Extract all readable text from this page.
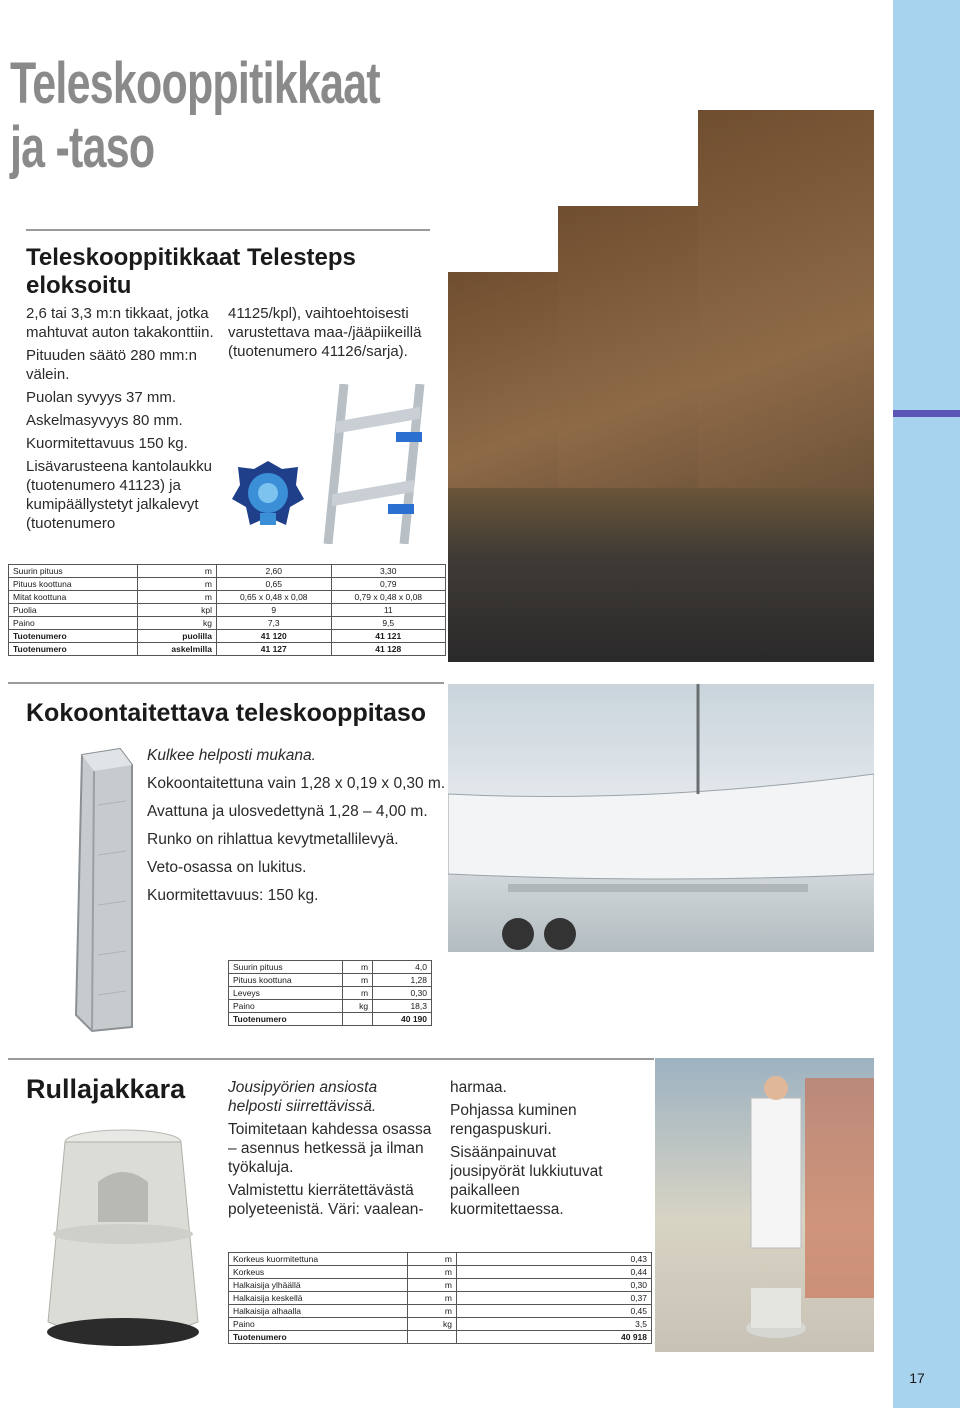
Teleskooppitikkaat
ja -taso
Teleskooppitikkaat Telesteps eloksoitu

2,6 tai 3,3 m:n tikkaat, jotka mahtuvat auton takakonttiin.

Pituuden säätö 280 mm:n välein.

Puolan syvyys 37 mm.

Askelmasyvyys 80 mm.

Kuormitettavuus 150 kg.

Lisävarusteena kantolaukku (tuotenumero 41123) ja kumipäällystetyt jalkalevyt (tuotenumero

41125/kpl), vaihtoehtoisesti varustettava maa-/jääpiikeillä (tuotenumero 41126/sarja).

Suurin pituus	m	2,60	3,30
Pituus koottuna	m	0,65	0,79
Mitat koottuna	m	0,65 x 0,48 x 0,08	0,79 x 0,48 x 0,08
Puolia	kpl	9	11
Paino	kg	7,3	9,5
Tuotenumero	puolilla	41 120	41 121
Tuotenumero	askelmilla	41 127	41 128
Kokoontaitettava teleskooppitaso

Kulkee helposti mukana.

Kokoontaitettuna vain 1,28 x 0,19 x 0,30 m.

Avattuna ja ulosvedettynä 1,28 – 4,00 m.

Runko on rihlattua kevytmetallilevyä.

Veto-osassa on lukitus.

Kuormitettavuus: 150 kg.

Suurin pituus	m	4,0
Pituus koottuna	m	1,28
Leveys	m	0,30
Paino	kg	18,3
Tuotenumero		40 190
Rullajakkara	Jousipyörien ansiosta helposti siirrettävissä.

Toimitetaan kahdessa osassa – asennus hetkessä ja ilman työkaluja.

Valmistettu kierrätettävästä polyeteenistä. Väri: vaalean-

harmaa.

Pohjassa kuminen rengaspuskuri.

Sisäänpainuvat jousipyörät lukkiutuvat paikalleen kuormitettaessa.

Korkeus kuormitettuna	m	0,43
Korkeus	m	0,44
Halkaisija ylhäällä	m	0,30
Halkaisija keskellä	m	0,37
Halkaisija alhaalla	m	0,45
Paino	kg	3,5
Tuotenumero		40 918
17
